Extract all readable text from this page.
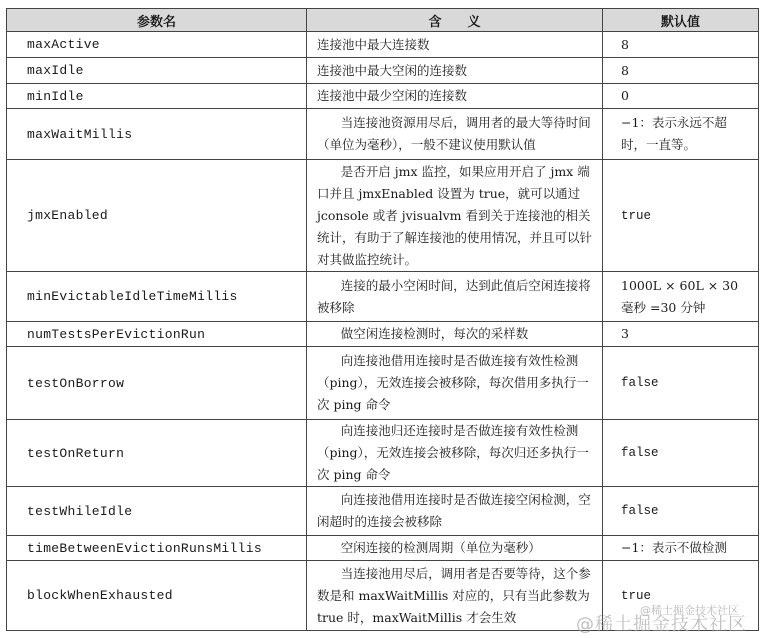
参数名	含　　义	默认值
maxActive	连接池中最大连接数	8
maxIdle	连接池中最大空闲的连接数	8
minIdle	连接池中最少空闲的连接数	0
maxWaitMillis	当连接池资源用尽后，调用者的最大等待时间（单位为毫秒），一般不建议使用默认值	−1：表示永远不超时，一直等。
jmxEnabled	是否开启 jmx 监控，如果应用开启了 jmx 端口并且 jmxEnabled 设置为 true，就可以通过 jconsole 或者 jvisualvm 看到关于连接池的相关统计，有助于了解连接池的使用情况，并且可以针对其做监控统计。	true
minEvictableIdleTimeMillis	连接的最小空闲时间，达到此值后空闲连接将被移除	1000L × 60L × 30 毫秒 =30 分钟
numTestsPerEvictionRun	做空闲连接检测时，每次的采样数	3
testOnBorrow	向连接池借用连接时是否做连接有效性检测（ping），无效连接会被移除，每次借用多执行一次 ping 命令	false
testOnReturn	向连接池归还连接时是否做连接有效性检测（ping），无效连接会被移除，每次归还多执行一次 ping 命令	false
testWhileIdle	向连接池借用连接时是否做连接空闲检测，空闲超时的连接会被移除	false
timeBetweenEvictionRunsMillis	空闲连接的检测周期（单位为毫秒）	−1：表示不做检测
blockWhenExhausted	当连接池用尽后，调用者是否要等待，这个参数是和 maxWaitMillis 对应的，只有当此参数为 true 时，maxWaitMillis 才会生效	true
@稀土掘金技术社区
@稀土掘金技术社区
